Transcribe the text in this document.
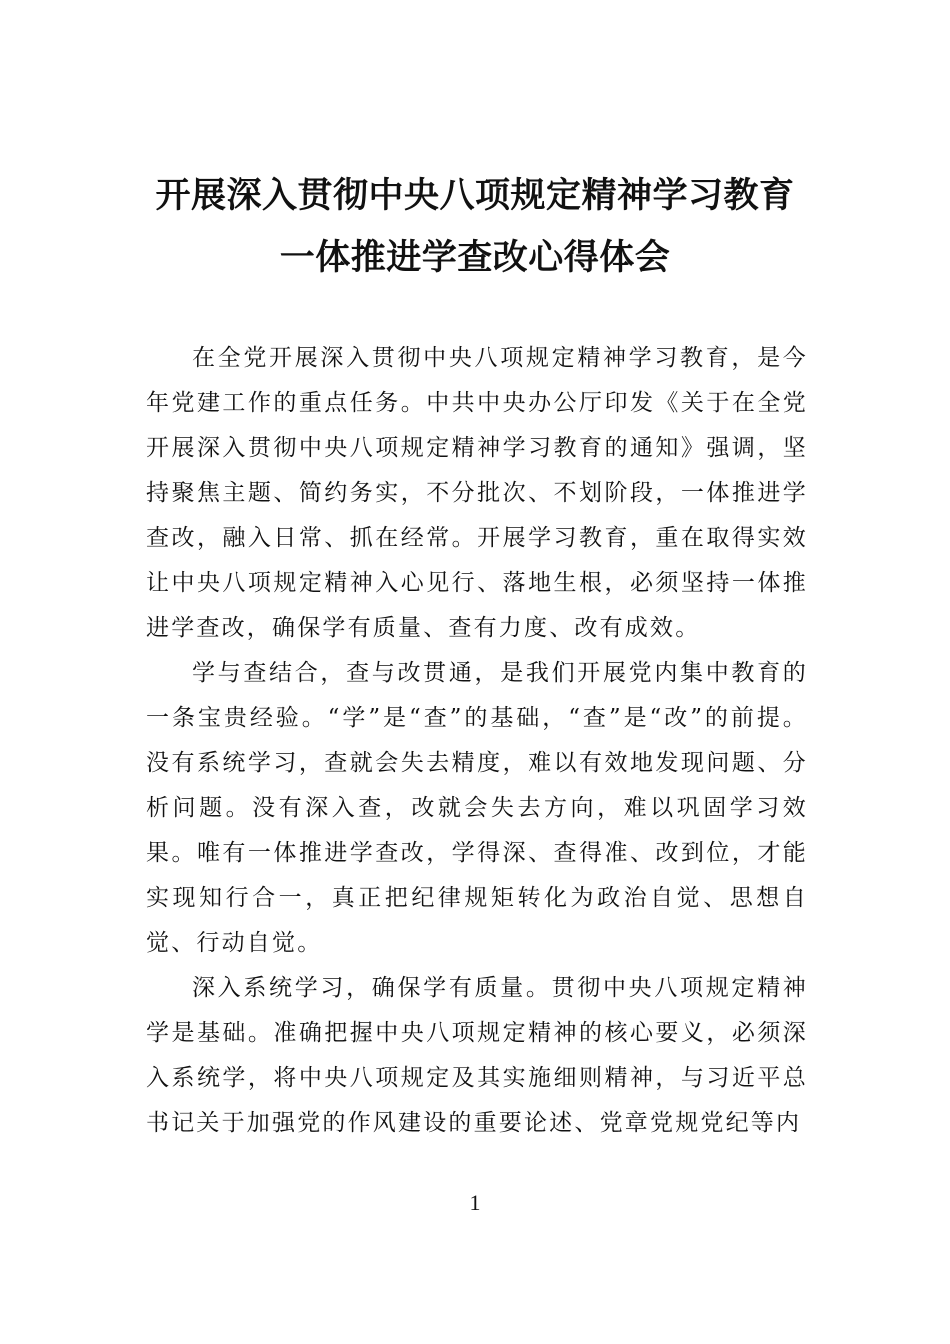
开展深入贯彻中央八项规定精神学习教育
一体推进学查改心得体会

在全党开展深入贯彻中央八项规定精神学习教育，是今年党建工作的重点任务。中共中央办公厅印发《关于在全党开展深入贯彻中央八项规定精神学习教育的通知》强调，坚持聚焦主题、简约务实，不分批次、不划阶段，一体推进学查改，融入日常、抓在经常。开展学习教育，重在取得实效让中央八项规定精神入心见行、落地生根，必须坚持一体推进学查改，确保学有质量、查有力度、改有成效。

学与查结合，查与改贯通，是我们开展党内集中教育的一条宝贵经验。“学”是“查”的基础，“查”是“改”的前提。没有系统学习，查就会失去精度，难以有效地发现问题、分析问题。没有深入查，改就会失去方向，难以巩固学习效果。唯有一体推进学查改，学得深、查得准、改到位，才能实现知行合一，真正把纪律规矩转化为政治自觉、思想自觉、行动自觉。

深入系统学习，确保学有质量。贯彻中央八项规定精神学是基础。准确把握中央八项规定精神的核心要义，必须深入系统学，将中央八项规定及其实施细则精神，与习近平总书记关于加强党的作风建设的重要论述、党章党规党纪等内

1
